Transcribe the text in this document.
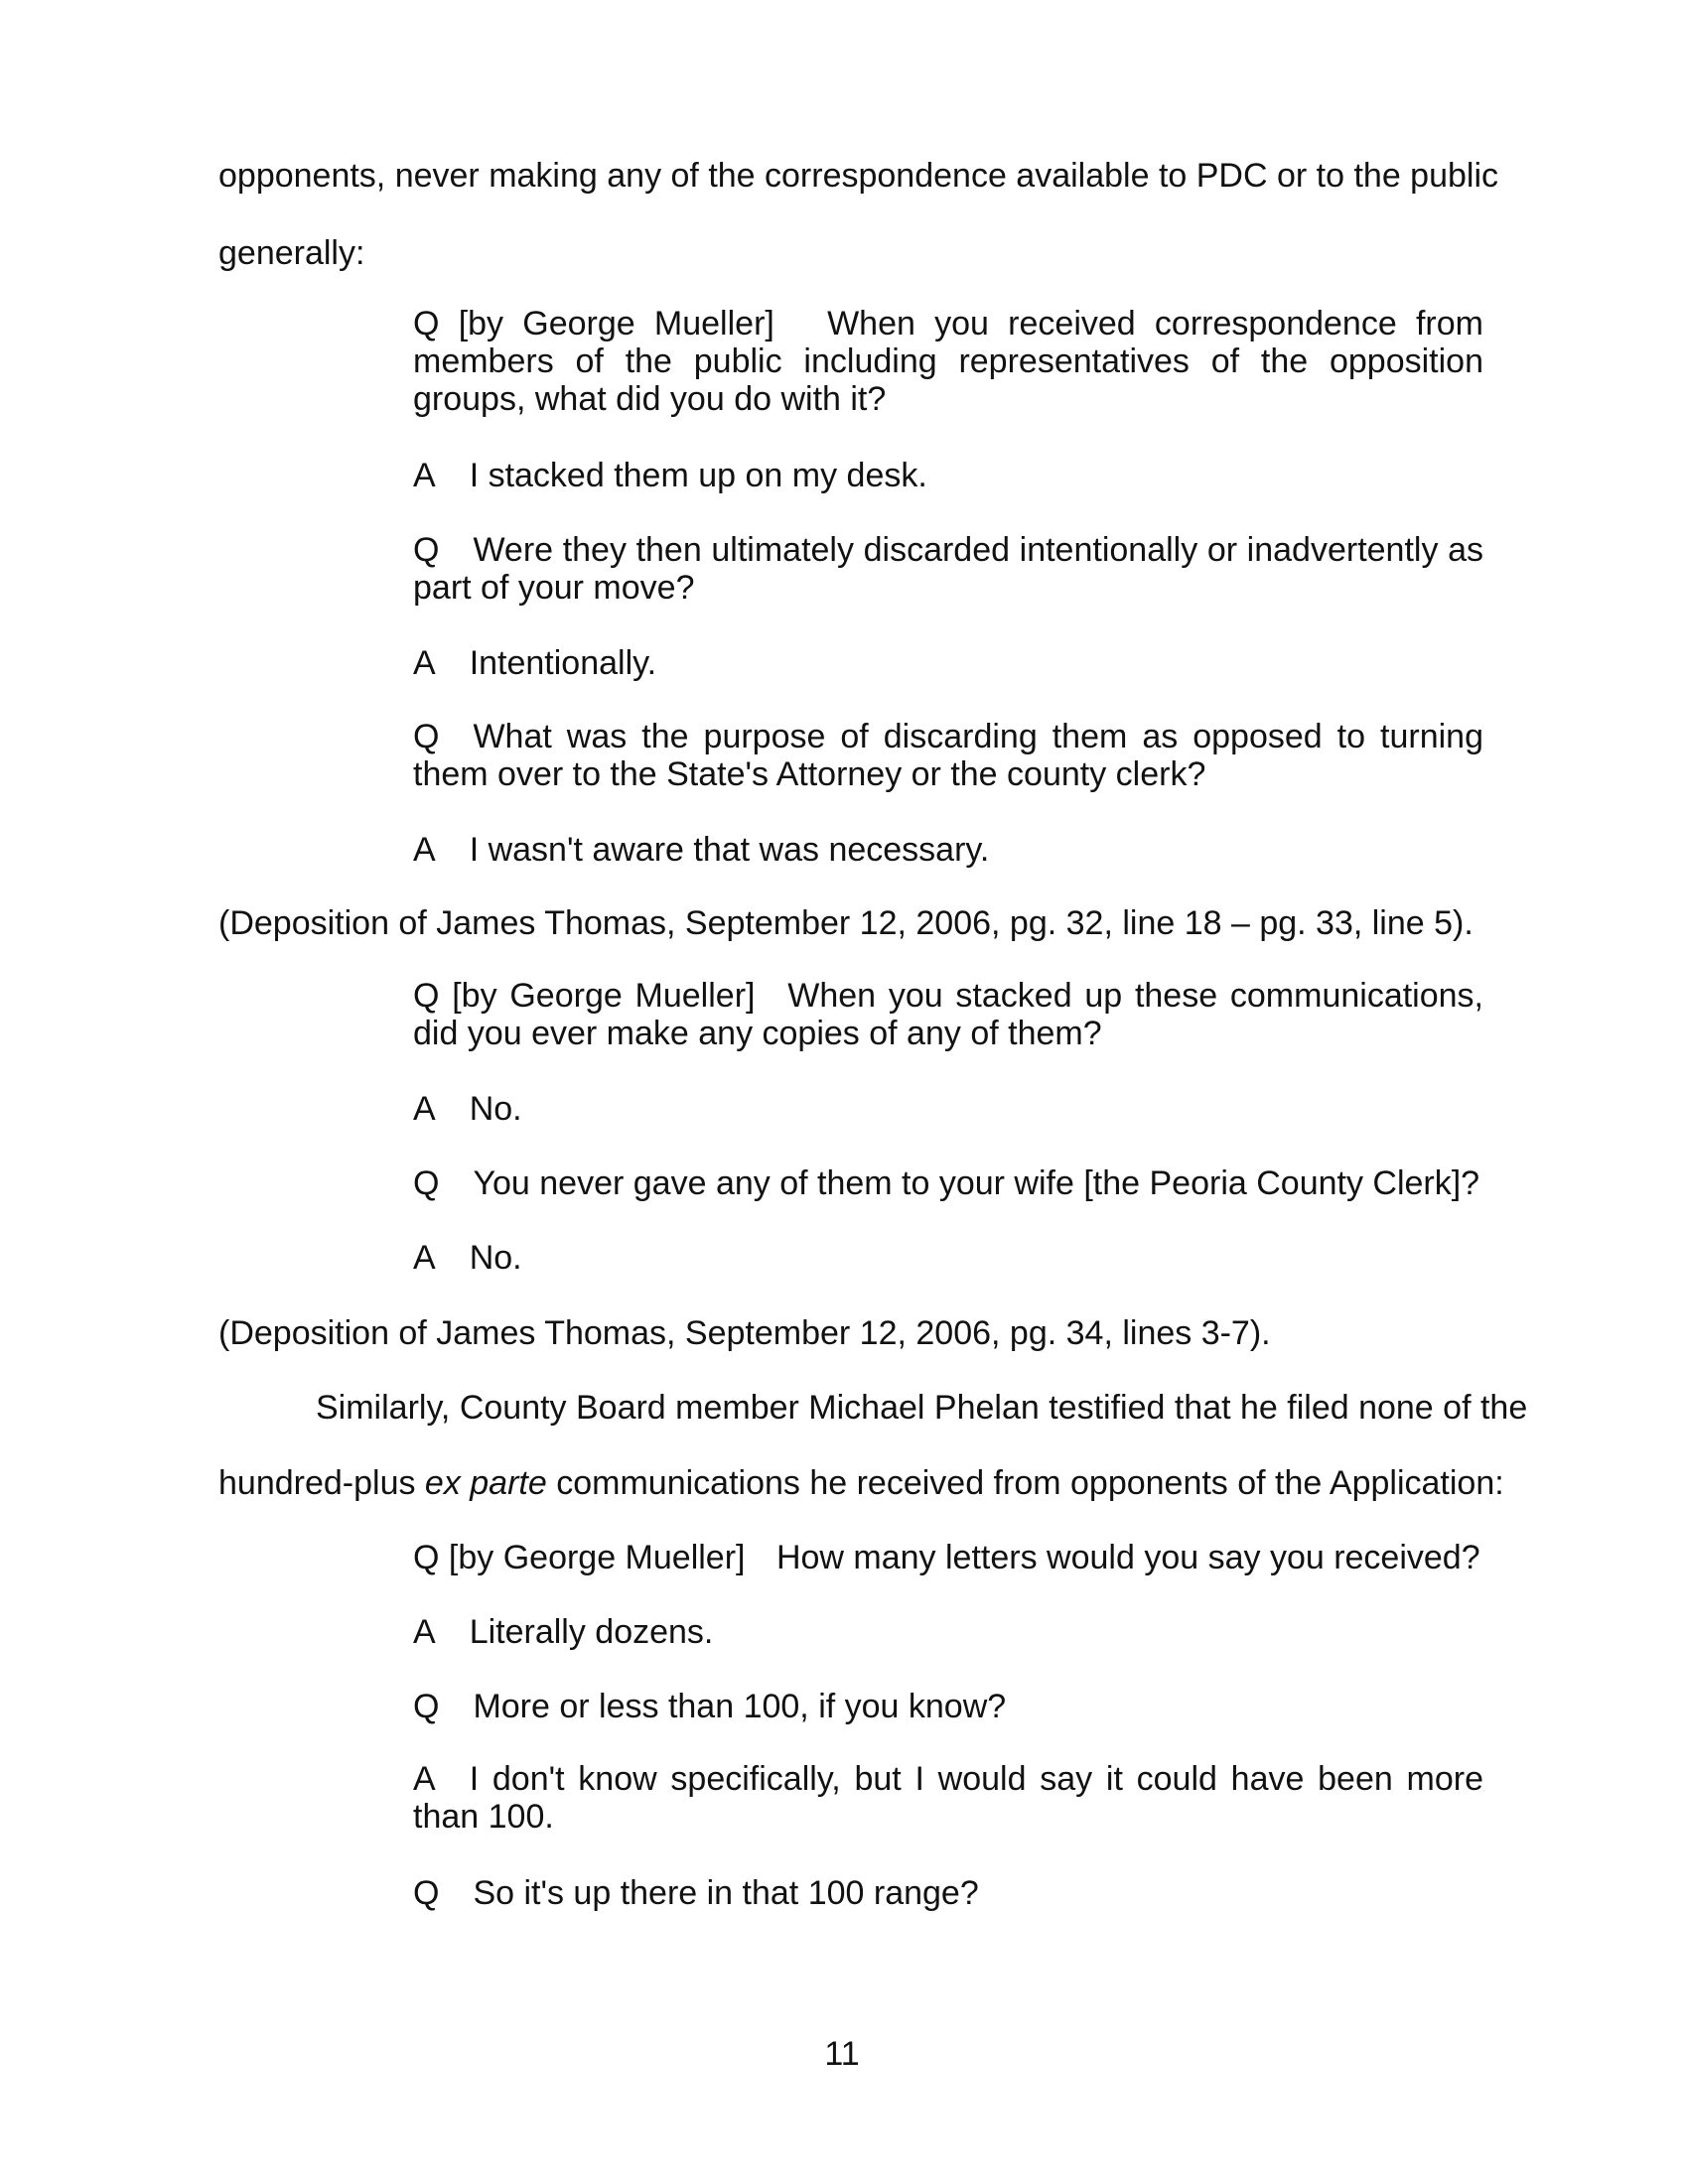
opponents, never making any of the correspondence available to PDC or to the public
generally:
Q [by George Mueller] When you received correspondence from members of the public including representatives of the opposition groups, what did you do with it?
A I stacked them up on my desk.
Q Were they then ultimately discarded intentionally or inadvertently as part of your move?
A Intentionally.
Q What was the purpose of discarding them as opposed to turning them over to the State's Attorney or the county clerk?
A I wasn't aware that was necessary.
(Deposition of James Thomas, September 12, 2006, pg. 32, line 18 – pg. 33, line 5).
Q [by George Mueller] When you stacked up these communications, did you ever make any copies of any of them?
A No.
Q You never gave any of them to your wife [the Peoria County Clerk]?
A No.
(Deposition of James Thomas, September 12, 2006, pg. 34, lines 3-7).
Similarly, County Board member Michael Phelan testified that he filed none of the
hundred-plus ex parte communications he received from opponents of the Application:
Q [by George Mueller] How many letters would you say you received?
A Literally dozens.
Q More or less than 100, if you know?
A I don't know specifically, but I would say it could have been more than 100.
Q So it's up there in that 100 range?
11
